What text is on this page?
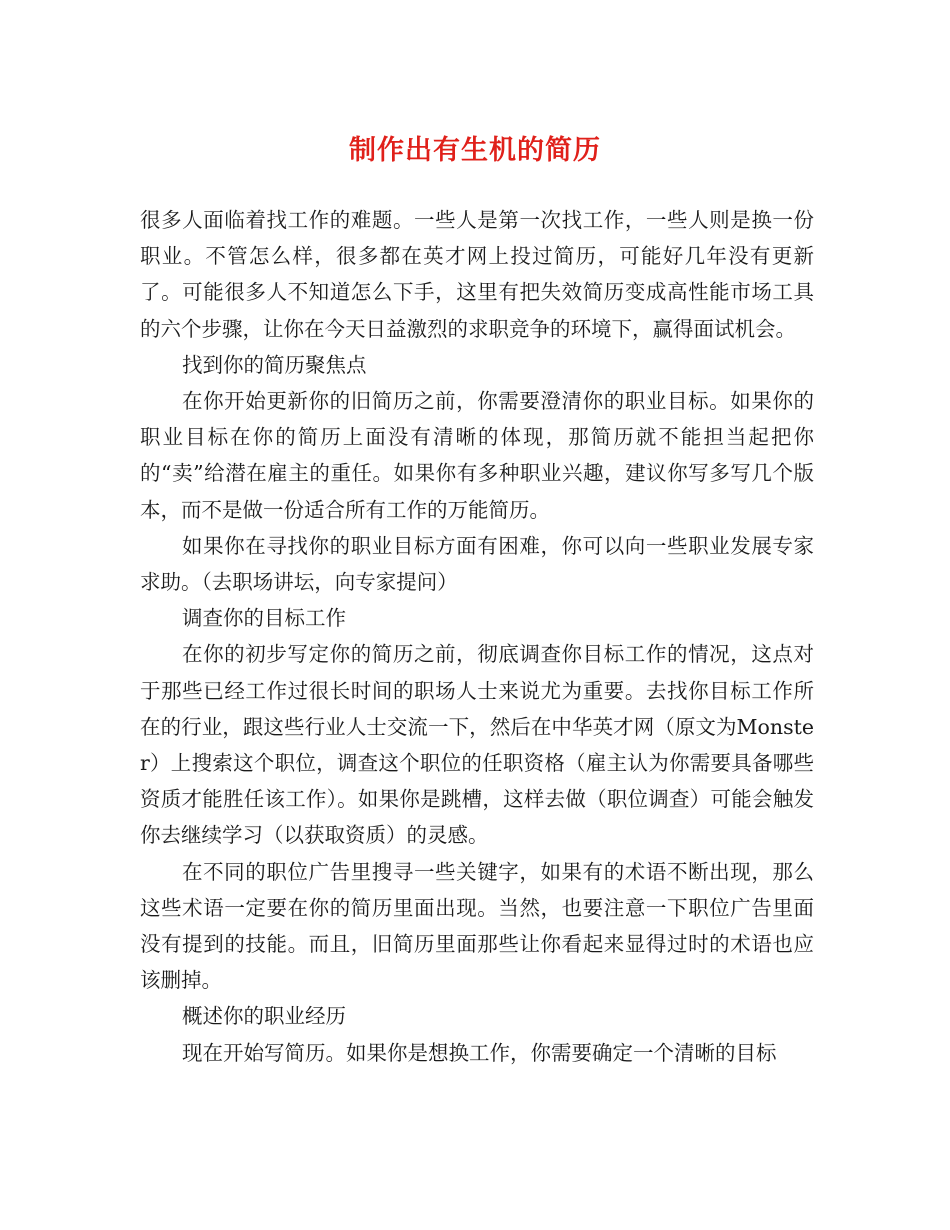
制作出有生机的简历

很多人面临着找工作的难题。一些人是第一次找工作，一些人则是换一份职业。不管怎么样，很多都在英才网上投过简历，可能好几年没有更新了。可能很多人不知道怎么下手，这里有把失效简历变成高性能市场工具的六个步骤，让你在今天日益激烈的求职竞争的环境下，赢得面试机会。

找到你的简历聚焦点

在你开始更新你的旧简历之前，你需要澄清你的职业目标。如果你的职业目标在你的简历上面没有清晰的体现，那简历就不能担当起把你的“卖”给潜在雇主的重任。如果你有多种职业兴趣，建议你写多写几个版本，而不是做一份适合所有工作的万能简历。

如果你在寻找你的职业目标方面有困难，你可以向一些职业发展专家求助。（去职场讲坛，向专家提问）

调查你的目标工作

在你的初步写定你的简历之前，彻底调查你目标工作的情况，这点对于那些已经工作过很长时间的职场人士来说尤为重要。去找你目标工作所在的行业，跟这些行业人士交流一下，然后在中华英才网（原文为Monster）上搜索这个职位，调查这个职位的任职资格（雇主认为你需要具备哪些资质才能胜任该工作）。如果你是跳槽，这样去做（职位调查）可能会触发你去继续学习（以获取资质）的灵感。

在不同的职位广告里搜寻一些关键字，如果有的术语不断出现，那么这些术语一定要在你的简历里面出现。当然，也要注意一下职位广告里面没有提到的技能。而且，旧简历里面那些让你看起来显得过时的术语也应该删掉。

概述你的职业经历

现在开始写简历。如果你是想换工作，你需要确定一个清晰的目标
